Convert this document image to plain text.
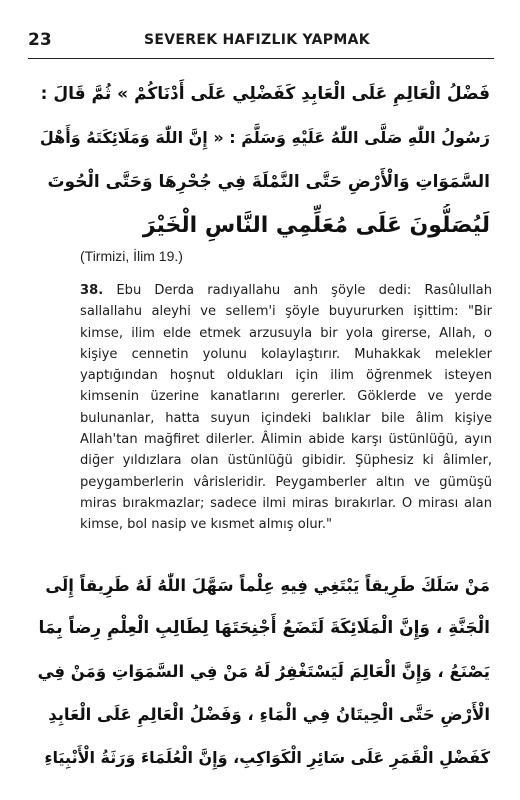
23	SEVEREK HAFIZLIK YAPMAK
فَضْلُ الْعَالِمِ عَلَى الْعَابِدِ كَفَضْلِي عَلَى أَدْنَاكُمْ » ثُمَّ قَالَ :
رَسُولُ اللّٰهِ صَلَّى اللّٰهُ عَلَيْهِ وَسَلَّمَ : « إِنَّ اللّٰهَ وَمَلَائِكَتَهُ وَأَهْلَ
السَّمَوَاتِ وَالْأَرْضِ حَتَّى النَّمْلَةَ فِي جُحْرِهَا وَحَتَّى الْحُوتَ
لَيُصَلُّونَ عَلَى مُعَلِّمِي النَّاسِ الْخَيْرَ
(Tirmizi, İlim 19.)
38. Ebu Derda radıyallahu anh şöyle dedi: Rasûlullah sallallahu aleyhi ve sellem'i şöyle buyururken işittim: "Bir kimse, ilim elde etmek arzusuyla bir yola girerse, Allah, o kişiye cennetin yolunu kolaylaştırır. Muhakkak melekler yaptığından hoşnut oldukları için ilim öğrenmek isteyen kimsenin üzerine kanatlarını gererler. Göklerde ve yerde bulunanlar, hatta suyun içindeki balıklar bile âlim kişiye Allah'tan mağfiret dilerler. Âlimin abide karşı üstünlüğü, ayın diğer yıldızlara olan üstünlüğü gibidir. Şüphesiz ki âlimler, peygamberlerin vârisleridir. Peygamberler altın ve gümüşü miras bırakmazlar; sadece ilmi miras bırakırlar. O mirası alan kimse, bol nasip ve kısmet almış olur."
مَنْ سَلَكَ طَرِيقاً يَبْتَغِي فِيهِ عِلْماً سَهَّلَ اللّٰهُ لَهُ طَرِيقاً إِلَى
الْجَنَّةِ ، وَإِنَّ الْمَلَائِكَةَ لَتَضَعُ أَجْنِحَتَهَا لِطَالِبِ الْعِلْمِ رِضاً بِمَا
يَصْنَعُ ، وَإِنَّ الْعَالِمَ لَيَسْتَغْفِرُ لَهُ مَنْ فِي السَّمَوَاتِ وَمَنْ فِي
الْأَرْضِ حَتَّى الْحِيتَانُ فِي الْمَاءِ ، وَفَضْلُ الْعَالِمِ عَلَى الْعَابِدِ
كَفَضْلِ الْقَمَرِ عَلَى سَائِرِ الْكَوَاكِبِ، وَإِنَّ الْعُلَمَاءَ وَرَثَةُ الْأَنْبِيَاءِ
